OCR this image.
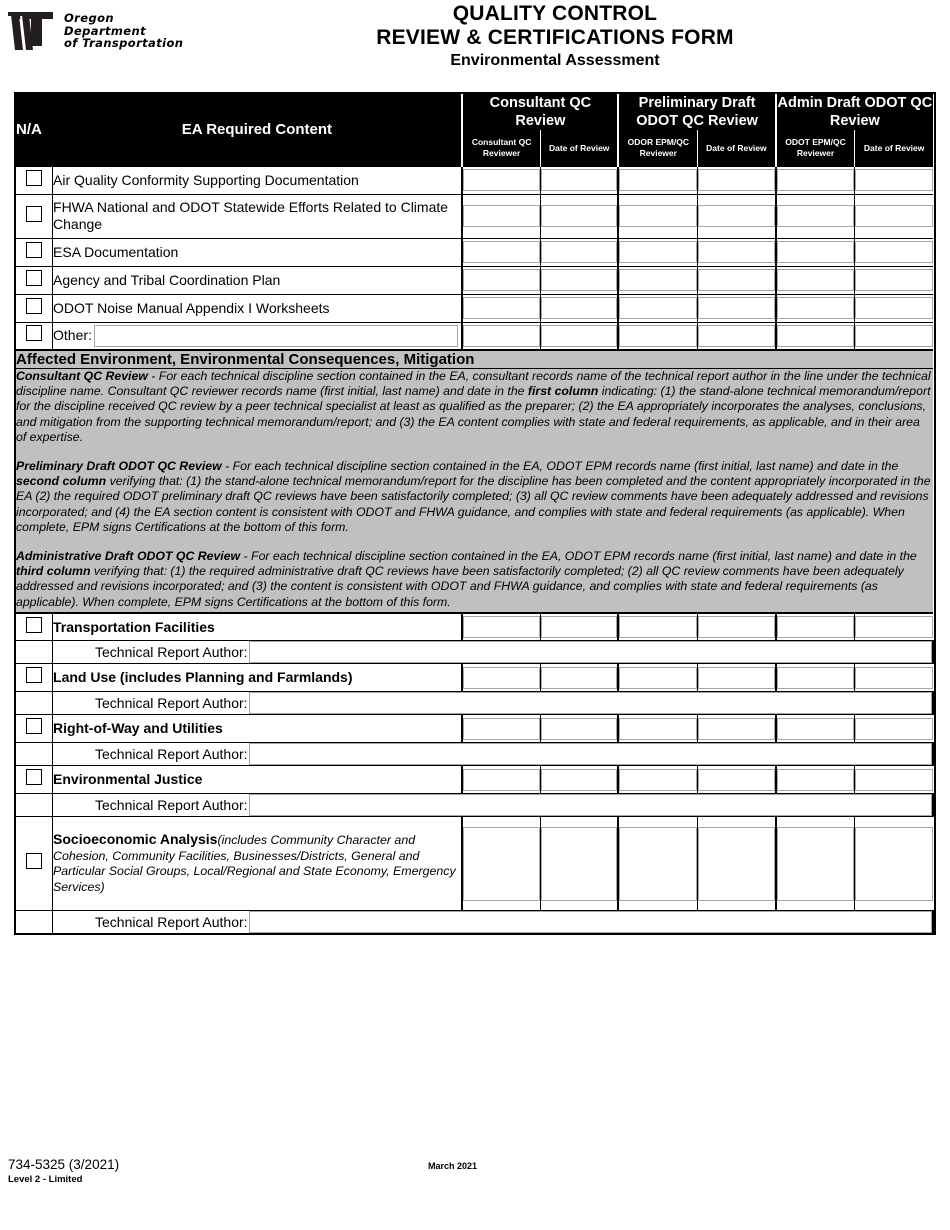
Oregon
Department
of Transportation
QUALITY CONTROL
REVIEW & CERTIFICATIONS FORM
Environmental Assessment
N/A	EA Required Content	Consultant QC Review		Preliminary Draft ODOT QC Review		Admin Draft ODOT QC Review	
		Consultant QC Reviewer	Date of Review	ODOR EPM/QC Reviewer	Date of Review	ODOT EPM/QC Reviewer	Date of Review
	Air Quality Conformity Supporting Documentation	

	FHWA National and ODOT Statewide Efforts Related to Climate Change	

	ESA Documentation	

	Agency and Tribal Coordination Plan	

	ODOT Noise Manual Appendix I Worksheets	

	Other:						

Affected Environment, Environmental Consequences, Mitigation							

Consultant QC Review - For each technical discipline section contained in the EA, consultant records name of the technical report author in the line under the technical discipline name. Consultant QC reviewer records name (first initial, last name) and date in the first column indicating: (1) the stand-alone technical memorandum/report for the discipline received QC review by a peer technical specialist at least as qualified as the preparer; (2) the EA appropriately incorporates the analyses, conclusions, and mitigation from the supporting technical memorandum/report; and (3) the EA content complies with state and federal requirements, as applicable, and in their area of expertise.

Preliminary Draft ODOT QC Review - For each technical discipline section contained in the EA, ODOT EPM records name (first initial, last name) and date in the second column verifying that: (1) the stand-alone technical memorandum/report for the discipline has been completed and the content appropriately incorporated in the EA (2) the required ODOT preliminary draft QC reviews have been satisfactorily completed; (3) all QC review comments have been adequately addressed and revisions incorporated; and (4) the EA section content is consistent with ODOT and FHWA guidance, and complies with state and federal requirements (as applicable). When complete, EPM signs Certifications at the bottom of this form.

Administrative Draft ODOT QC Review - For each technical discipline section contained in the EA, ODOT EPM records name (first initial, last name) and date in the third column verifying that: (1) the required administrative draft QC reviews have been satisfactorily completed; (2) all QC review comments have been adequately addressed and revisions incorporated; and (3) the content is consistent with ODOT and FHWA guidance, and complies with state and federal requirements (as applicable). When complete, EPM signs Certifications at the bottom of this form.							

	Transportation Facilities	

	Technical Report Author:						

	Land Use (includes Planning and Farmlands)	

	Technical Report Author:						

	Right-of-Way and Utilities	

	Technical Report Author:						

	Environmental Justice	

	Technical Report Author:						

	Socioeconomic Analysis(includes Community Character and Cohesion, Community Facilities, Businesses/Districts, General and Particular Social Groups, Local/Regional and State Economy, Emergency Services)	

	Technical Report Author:						
734-5325 (3/2021)
Level 2 - Limited
March 2021
